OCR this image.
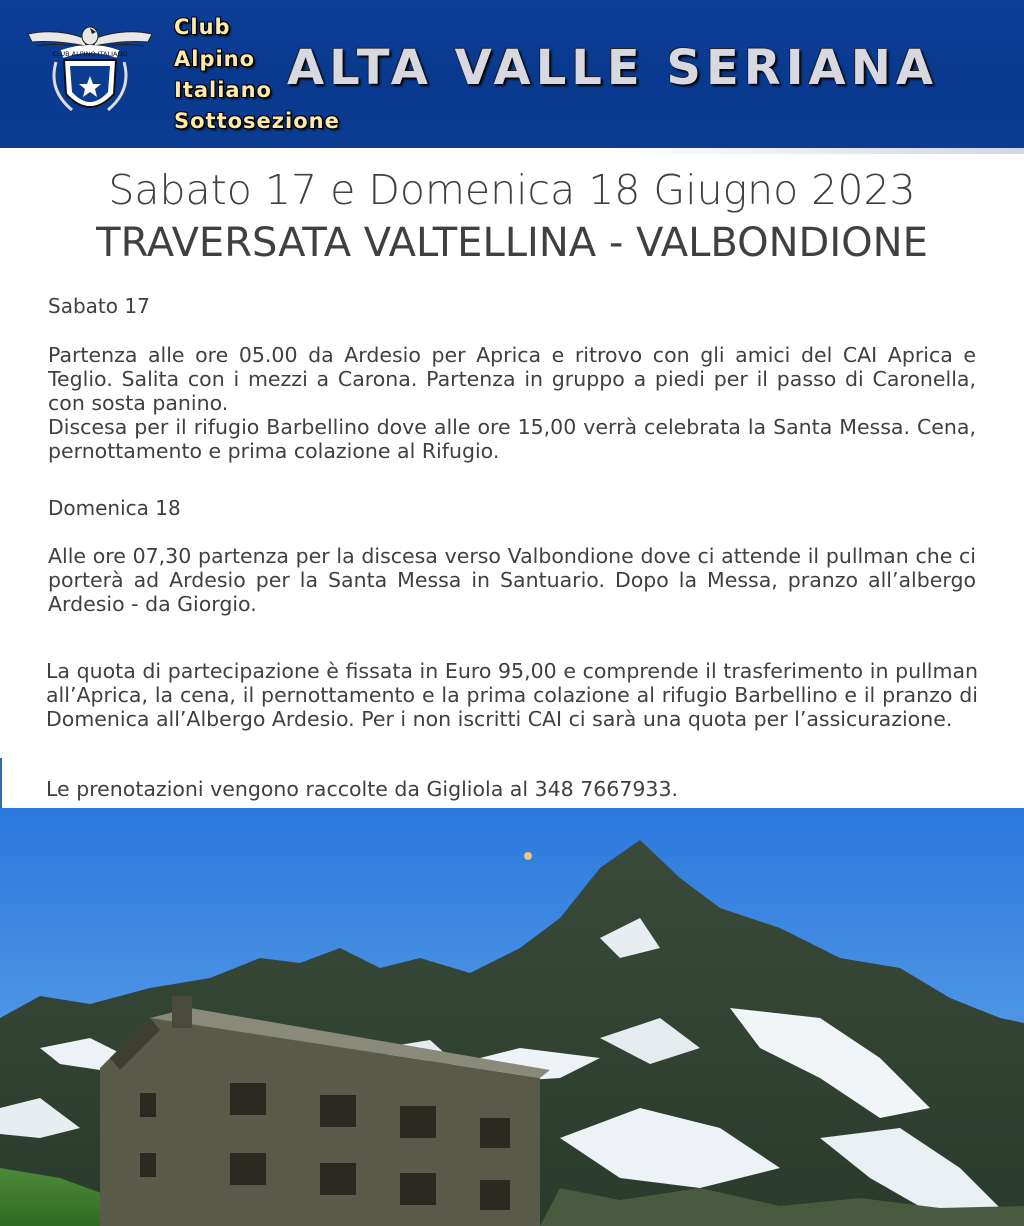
CLUB ALPINO ITALIANO
Club
Alpino
Italiano
Sottosezione
ALTA VALLE SERIANA
Sabato 17 e Domenica 18 Giugno 2023
TRAVERSATA VALTELLINA - VALBONDIONE
Sabato 17

Partenza alle ore 05.00 da Ardesio per Aprica e ritrovo con gli amici del CAI Aprica e Teglio. Salita con i mezzi a Carona. Partenza in gruppo a piedi per il passo di Caronella, con sosta panino.

Discesa per il rifugio Barbellino dove alle ore 15,00 verrà celebrata la Santa Messa. Cena, pernottamento e prima colazione al Rifugio.

Domenica 18
Alle ore 07,30 partenza per la discesa verso Valbondione dove ci attende il pullman che ci porterà ad Ardesio per la Santa Messa in Santuario. Dopo la Messa, pranzo all’albergo Ardesio - da Giorgio.
La quota di partecipazione è fissata in Euro 95,00 e comprende il trasferimento in pullman all’Aprica, la cena, il pernottamento e la prima colazione al rifugio Barbellino e il pranzo di Domenica all’Albergo Ardesio. Per i non iscritti CAI ci sarà una quota per l’assicurazione.
Le prenotazioni vengono raccolte da Gigliola al 348 7667933.
